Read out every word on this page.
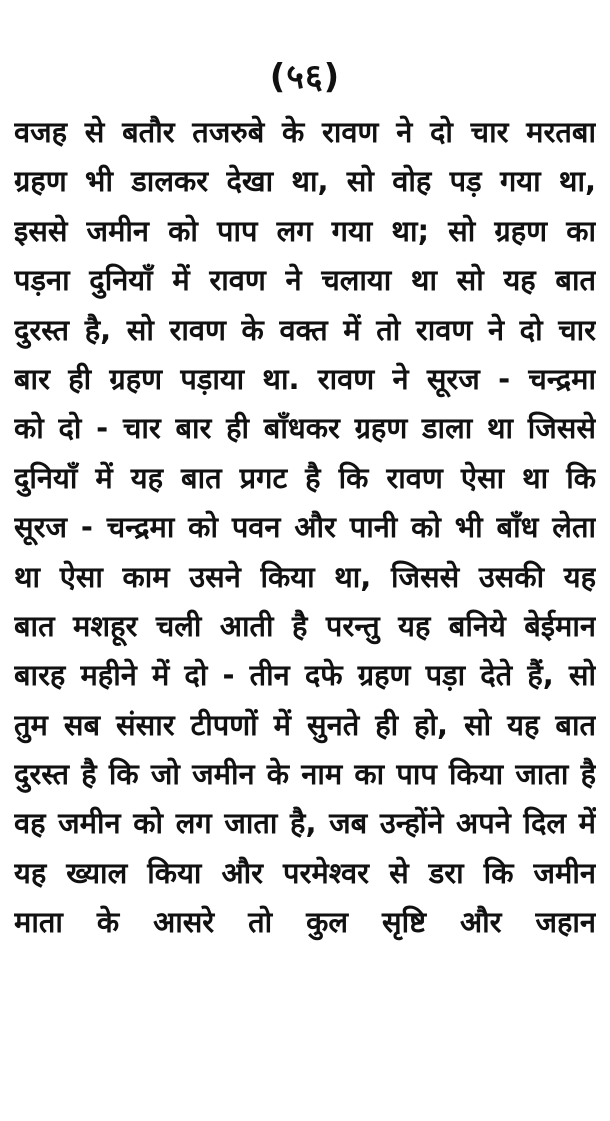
(५६)
वजह से बतौर तजरुबे के रावण ने दो चार मरतबा
ग्रहण भी डालकर देखा था, सो वोह पड़ गया था,
इससे जमीन को पाप लग गया था; सो ग्रहण का
पड़ना दुनियाँ में रावण ने चलाया था सो यह बात
दुरस्त है, सो रावण के वक्त में तो रावण ने दो चार
बार ही ग्रहण पड़ाया था. रावण ने सूरज - चन्द्रमा
को दो - चार बार ही बाँधकर ग्रहण डाला था जिससे
दुनियाँ में यह बात प्रगट है कि रावण ऐसा था कि
सूरज - चन्द्रमा को पवन और पानी को भी बाँध लेता
था ऐसा काम उसने किया था, जिससे उसकी यह
बात मशहूर चली आती है परन्तु यह बनिये बेईमान
बारह महीने में दो - तीन दफे ग्रहण पड़ा देते हैं, सो
तुम सब संसार टीपणों में सुनते ही हो, सो यह बात
दुरस्त है कि जो जमीन के नाम का पाप किया जाता है
वह जमीन को लग जाता है, जब उन्होंने अपने दिल में
यह ख्याल किया और परमेश्वर से डरा कि जमीन
माता के आसरे तो कुल सृष्टि और जहान
